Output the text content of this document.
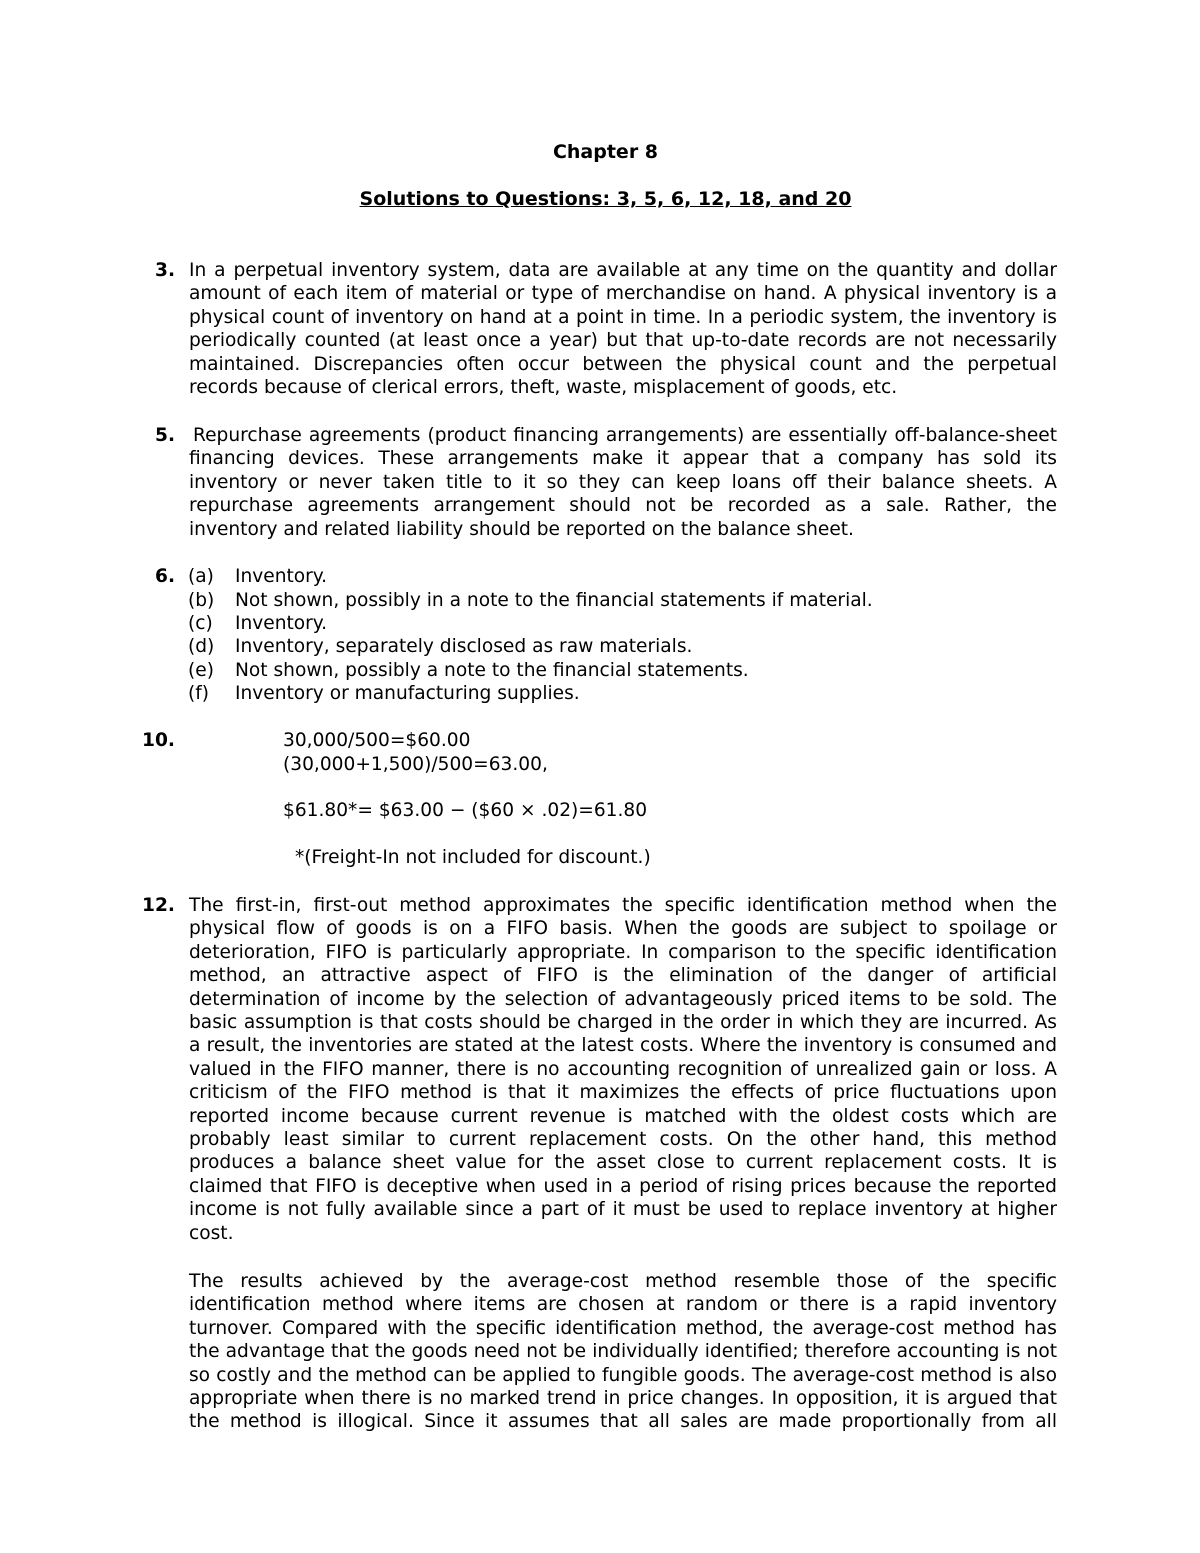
Chapter 8
Solutions to Questions: 3, 5, 6, 12, 18, and 20
3. In a perpetual inventory system, data are available at any time on the quantity and dollar amount of each item of material or type of merchandise on hand. A physical inventory is a physical count of inventory on hand at a point in time. In a periodic system, the inventory is periodically counted (at least once a year) but that up-to-date records are not necessarily maintained. Discrepancies often occur between the physical count and the perpetual records because of clerical errors, theft, waste, misplacement of goods, etc.
5. Repurchase agreements (product financing arrangements) are essentially off-balance-sheet financing devices. These arrangements make it appear that a company has sold its inventory or never taken title to it so they can keep loans off their balance sheets. A repurchase agreements arrangement should not be recorded as a sale. Rather, the inventory and related liability should be reported on the balance sheet.
6. (a) Inventory.
(b) Not shown, possibly in a note to the financial statements if material.
(c) Inventory.
(d) Inventory, separately disclosed as raw materials.
(e) Not shown, possibly a note to the financial statements.
(f) Inventory or manufacturing supplies.
10.	30,000/500=$60.00
(30,000+1,500)/500=63.00,
$61.80*= $63.00 − ($60 × .02)=61.80
*(Freight-In not included for discount.)
12. The first-in, first-out method approximates the specific identification method when the physical flow of goods is on a FIFO basis. When the goods are subject to spoilage or deterioration, FIFO is particularly appropriate. In comparison to the specific identification method, an attractive aspect of FIFO is the elimination of the danger of artificial determination of income by the selection of advantageously priced items to be sold. The basic assumption is that costs should be charged in the order in which they are incurred. As a result, the inventories are stated at the latest costs. Where the inventory is consumed and valued in the FIFO manner, there is no accounting recognition of unrealized gain or loss. A criticism of the FIFO method is that it maximizes the effects of price fluctuations upon reported income because current revenue is matched with the oldest costs which are probably least similar to current replacement costs. On the other hand, this method produces a balance sheet value for the asset close to current replacement costs. It is claimed that FIFO is deceptive when used in a period of rising prices because the reported income is not fully available since a part of it must be used to replace inventory at higher cost.
The results achieved by the average-cost method resemble those of the specific identification method where items are chosen at random or there is a rapid inventory turnover. Compared with the specific identification method, the average-cost method has the advantage that the goods need not be individually identified; therefore accounting is not so costly and the method can be applied to fungible goods. The average-cost method is also appropriate when there is no marked trend in price changes. In opposition, it is argued that the method is illogical. Since it assumes that all sales are made proportionally from all
